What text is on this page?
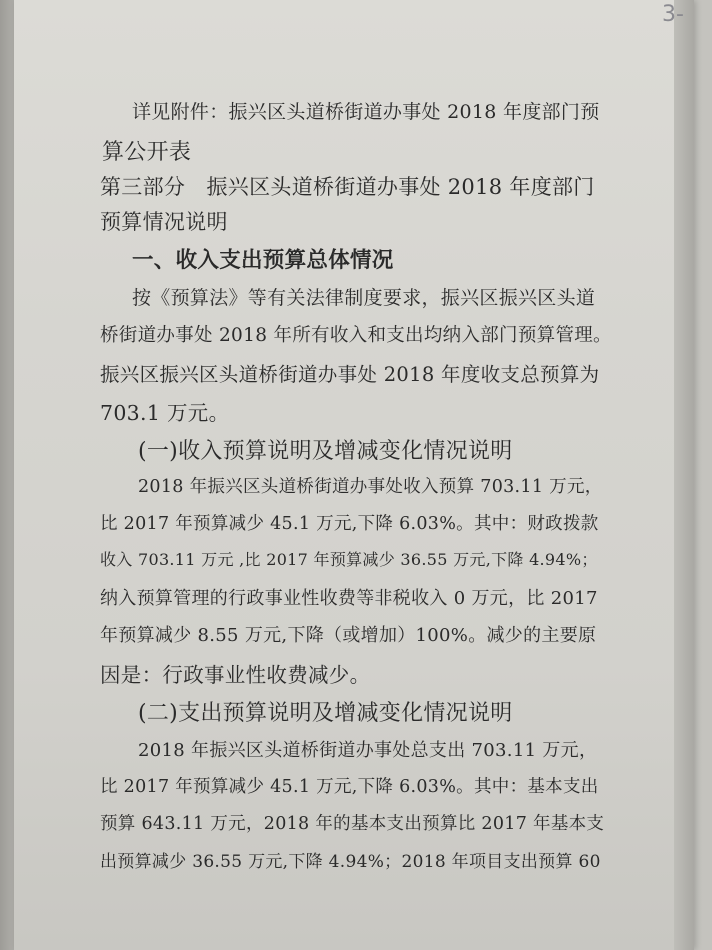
3-
详见附件：振兴区头道桥街道办事处 2018 年度部门预
算公开表
第三部分　振兴区头道桥街道办事处 2018 年度部门
预算情况说明
一、收入支出预算总体情况
按《预算法》等有关法律制度要求，振兴区振兴区头道
桥街道办事处 2018 年所有收入和支出均纳入部门预算管理。
振兴区振兴区头道桥街道办事处 2018 年度收支总预算为
703.1 万元。
(一)收入预算说明及增减变化情况说明
2018 年振兴区头道桥街道办事处收入预算 703.11 万元，
比 2017 年预算减少 45.1 万元,下降 6.03%。其中：财政拨款
收入 703.11 万元 ,比 2017 年预算减少 36.55 万元,下降 4.94%；
纳入预算管理的行政事业性收费等非税收入 0 万元，比 2017
年预算减少 8.55 万元,下降（或增加）100%。减少的主要原
因是：行政事业性收费减少。
(二)支出预算说明及增减变化情况说明
2018 年振兴区头道桥街道办事处总支出 703.11 万元，
比 2017 年预算减少 45.1 万元,下降 6.03%。其中：基本支出
预算 643.11 万元，2018 年的基本支出预算比 2017 年基本支
出预算减少 36.55 万元,下降 4.94%；2018 年项目支出预算 60
